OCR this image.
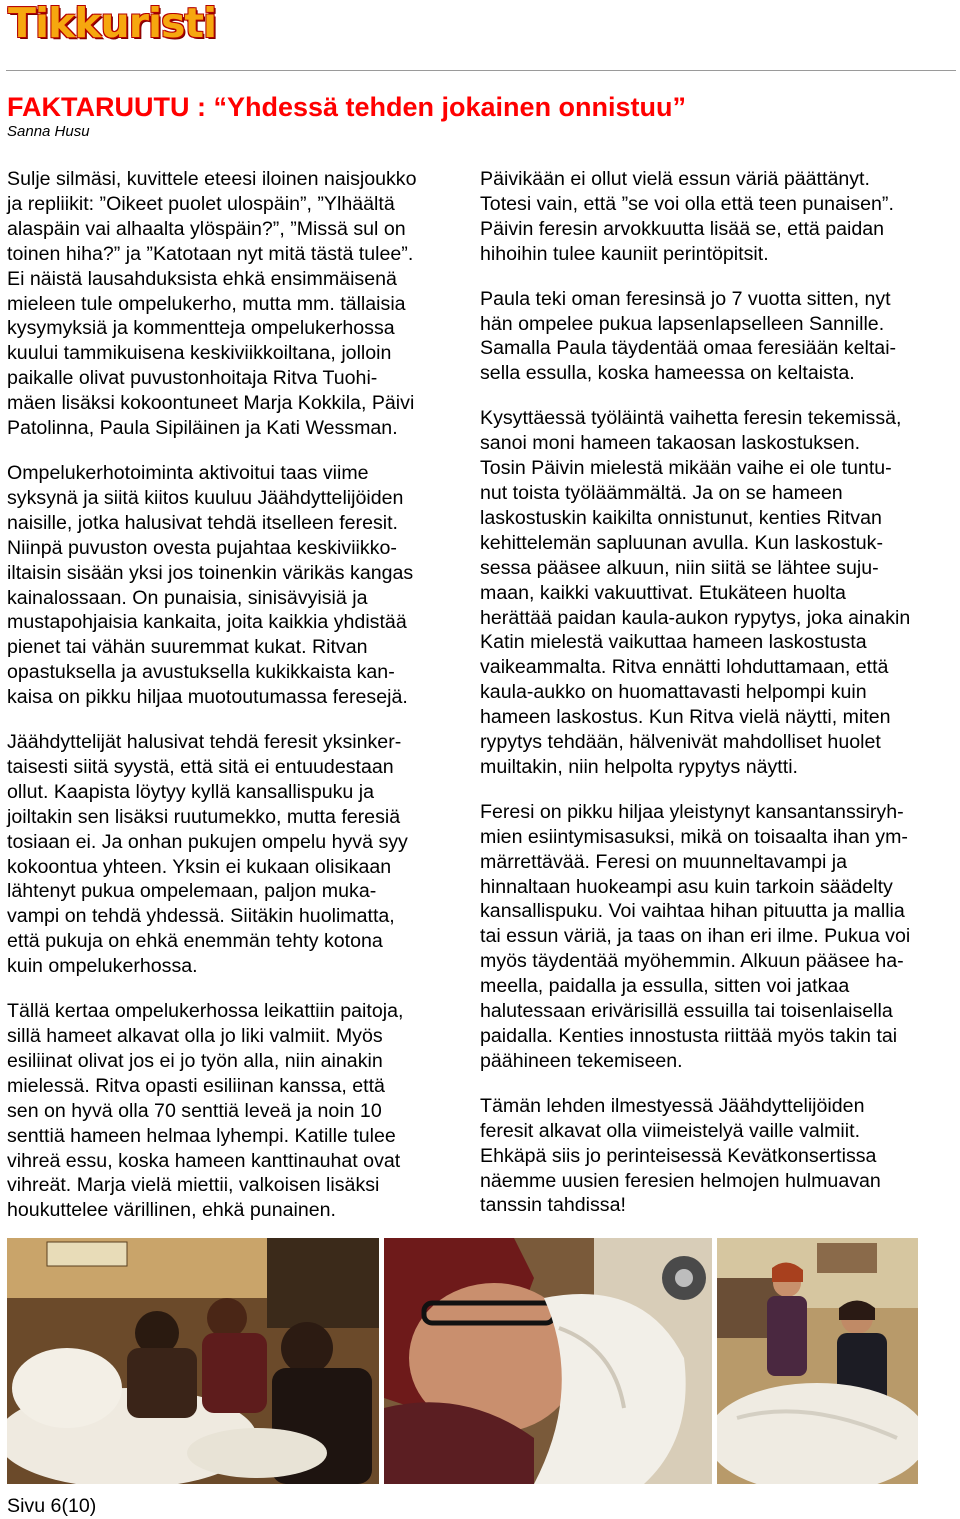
Tikkuristi
FAKTARUUTU : “Yhdessä tehden jokainen onnistuu”
Sanna Husu

Sulje silmäsi, kuvittele eteesi iloinen naisjoukko
ja repliikit: ”Oikeet puolet ulospäin”, ”Ylhäältä
alaspäin vai alhaalta ylöspäin?”, ”Missä sul on
toinen hiha?” ja ”Katotaan nyt mitä tästä tulee”.
Ei näistä lausahduksista ehkä ensimmäisenä
mieleen tule ompelukerho, mutta mm. tällaisia
kysymyksiä ja kommentteja ompelukerhossa
kuului tammikuisena keskiviikkoiltana, jolloin
paikalle olivat puvustonhoitaja Ritva Tuohi-
mäen lisäksi kokoontuneet Marja Kokkila, Päivi
Patolinna, Paula Sipiläinen ja Kati Wessman.

Ompelukerhotoiminta aktivoitui taas viime
syksynä ja siitä kiitos kuuluu Jäähdyttelijöiden
naisille, jotka halusivat tehdä itselleen feresit.
Niinpä puvuston ovesta pujahtaa keskiviikko-
iltaisin sisään yksi jos toinenkin värikäs kangas
kainalossaan. On punaisia, sinisävyisiä ja
mustapohjaisia kankaita, joita kaikkia yhdistää
pienet tai vähän suuremmat kukat. Ritvan
opastuksella ja avustuksella kukikkaista kan-
kaisa on pikku hiljaa muotoutumassa feresejä.

Jäähdyttelijät halusivat tehdä feresit yksinker-
taisesti siitä syystä, että sitä ei entuudestaan
ollut. Kaapista löytyy kyllä kansallispuku ja
joiltakin sen lisäksi ruutumekko, mutta feresiä
tosiaan ei. Ja onhan pukujen ompelu hyvä syy
kokoontua yhteen. Yksin ei kukaan olisikaan
lähtenyt pukua ompelemaan, paljon muka-
vampi on tehdä yhdessä. Siitäkin huolimatta,
että pukuja on ehkä enemmän tehty kotona
kuin ompelukerhossa.

Tällä kertaa ompelukerhossa leikattiin paitoja,
sillä hameet alkavat olla jo liki valmiit. Myös
esiliinat olivat jos ei jo työn alla, niin ainakin
mielessä. Ritva opasti esiliinan kanssa, että
sen on hyvä olla 70 senttiä leveä ja noin 10
senttiä hameen helmaa lyhempi. Katille tulee
vihreä essu, koska hameen kanttinauhat ovat
vihreät. Marja vielä miettii, valkoisen lisäksi
houkuttelee värillinen, ehkä punainen.

Päivikään ei ollut vielä essun väriä päättänyt.
Totesi vain, että ”se voi olla että teen punaisen”.
Päivin feresin arvokkuutta lisää se, että paidan
hihoihin tulee kauniit perintöpitsit.

Paula teki oman feresinsä jo 7 vuotta sitten, nyt
hän ompelee pukua lapsenlapselleen Sannille.
Samalla Paula täydentää omaa feresiään keltai-
sella essulla, koska hameessa on keltaista.

Kysyttäessä työläintä vaihetta feresin tekemissä,
sanoi moni hameen takaosan laskostuksen.
Tosin Päivin mielestä mikään vaihe ei ole tuntu-
nut toista työläämmältä. Ja on se hameen
laskostuskin kaikilta onnistunut, kenties Ritvan
kehittelemän sapluunan avulla. Kun laskostuk-
sessa pääsee alkuun, niin siitä se lähtee suju-
maan, kaikki vakuuttivat. Etukäteen huolta
herättää paidan kaula-aukon rypytys, joka ainakin
Katin mielestä vaikuttaa hameen laskostusta
vaikeammalta. Ritva ennätti lohduttamaan, että
kaula-aukko on huomattavasti helpompi kuin
hameen laskostus. Kun Ritva vielä näytti, miten
rypytys tehdään, hälvenivät mahdolliset huolet
muiltakin, niin helpolta rypytys näytti.

Feresi on pikku hiljaa yleistynyt kansantanssiryh-
mien esiintymisasuksi, mikä on toisaalta ihan ym-
märrettävää. Feresi on muunneltavampi ja
hinnaltaan huokeampi asu kuin tarkoin säädelty
kansallispuku. Voi vaihtaa hihan pituutta ja mallia
tai essun väriä, ja taas on ihan eri ilme. Pukua voi
myös täydentää myöhemmin. Alkuun pääsee ha-
meella, paidalla ja essulla, sitten voi jatkaa
halutessaan erivärisillä essuilla tai toisenlaisella
paidalla. Kenties innostusta riittää myös takin tai
päähineen tekemiseen.

Tämän lehden ilmestyessä Jäähdyttelijöiden
feresit alkavat olla viimeistelyä vaille valmiit.
Ehkäpä siis jo perinteisessä Kevätkonsertissa
näemme uusien feresien helmojen hulmuavan
tanssin tahdissa!

Sivu 6(10)
